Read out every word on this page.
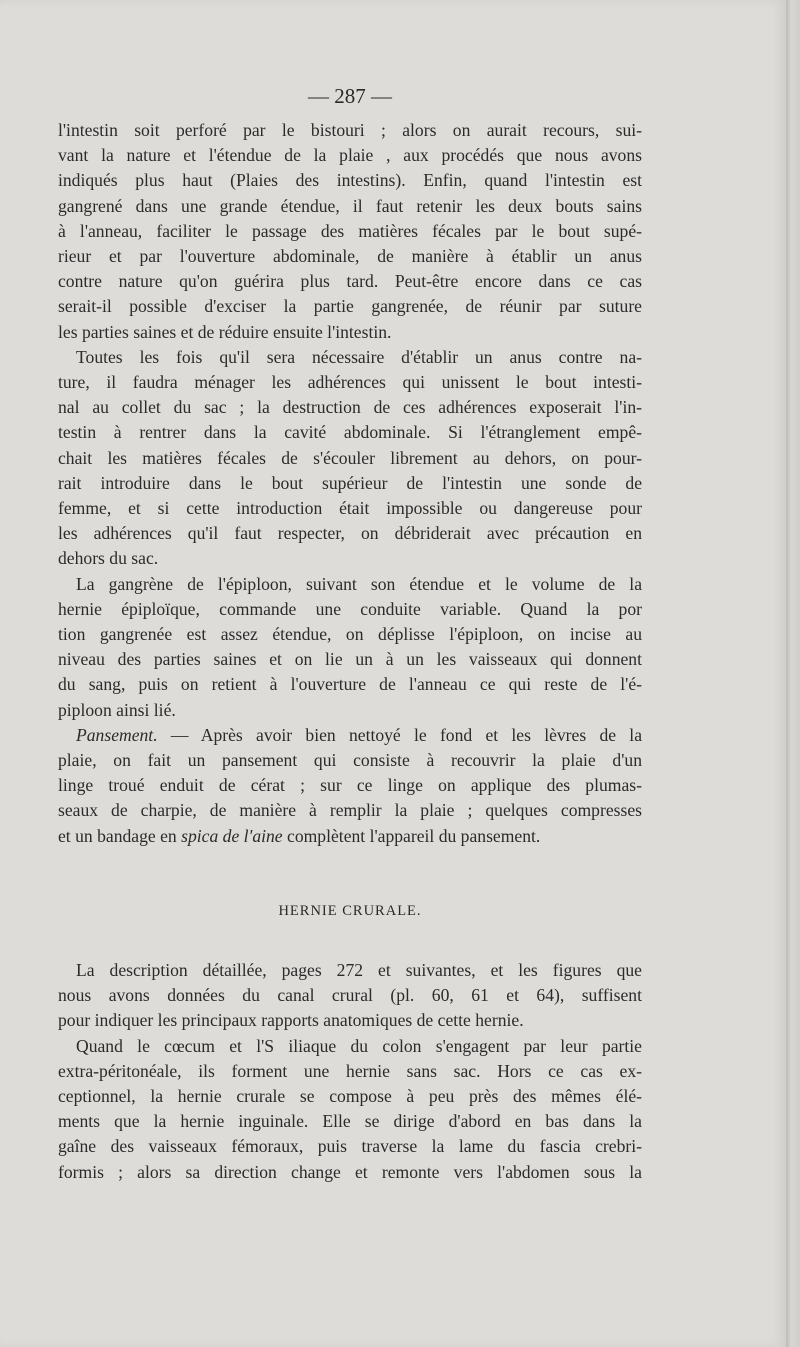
— 287 —
l'intestin soit perforé par le bistouri ; alors on aurait recours, sui-
vant la nature et l'étendue de la plaie , aux procédés que nous avons
indiqués plus haut (Plaies des intestins). Enfin, quand l'intestin est
gangrené dans une grande étendue, il faut retenir les deux bouts sains
à l'anneau, faciliter le passage des matières fécales par le bout supé-
rieur et par l'ouverture abdominale, de manière à établir un anus
contre nature qu'on guérira plus tard. Peut-être encore dans ce cas
serait-il possible d'exciser la partie gangrenée, de réunir par suture
les parties saines et de réduire ensuite l'intestin.
Toutes les fois qu'il sera nécessaire d'établir un anus contre na-
ture, il faudra ménager les adhérences qui unissent le bout intesti-
nal au collet du sac ; la destruction de ces adhérences exposerait l'in-
testin à rentrer dans la cavité abdominale. Si l'étranglement empê-
chait les matières fécales de s'écouler librement au dehors, on pour-
rait introduire dans le bout supérieur de l'intestin une sonde de
femme, et si cette introduction était impossible ou dangereuse pour
les adhérences qu'il faut respecter, on débriderait avec précaution en
dehors du sac.
La gangrène de l'épiploon, suivant son étendue et le volume de la
hernie épiploïque, commande une conduite variable. Quand la por
tion gangrenée est assez étendue, on déplisse l'épiploon, on incise au
niveau des parties saines et on lie un à un les vaisseaux qui donnent
du sang, puis on retient à l'ouverture de l'anneau ce qui reste de l'é-
piploon ainsi lié.
Pansement. — Après avoir bien nettoyé le fond et les lèvres de la
plaie, on fait un pansement qui consiste à recouvrir la plaie d'un
linge troué enduit de cérat ; sur ce linge on applique des plumas-
seaux de charpie, de manière à remplir la plaie ; quelques compresses
et un bandage en spica de l'aine complètent l'appareil du pansement.
HERNIE CRURALE.
La description détaillée, pages 272 et suivantes, et les figures que
nous avons données du canal crural (pl. 60, 61 et 64), suffisent
pour indiquer les principaux rapports anatomiques de cette hernie.
Quand le cœcum et l'S iliaque du colon s'engagent par leur partie
extra-péritonéale, ils forment une hernie sans sac. Hors ce cas ex-
ceptionnel, la hernie crurale se compose à peu près des mêmes élé-
ments que la hernie inguinale. Elle se dirige d'abord en bas dans la
gaîne des vaisseaux fémoraux, puis traverse la lame du fascia crebri-
formis ; alors sa direction change et remonte vers l'abdomen sous la
